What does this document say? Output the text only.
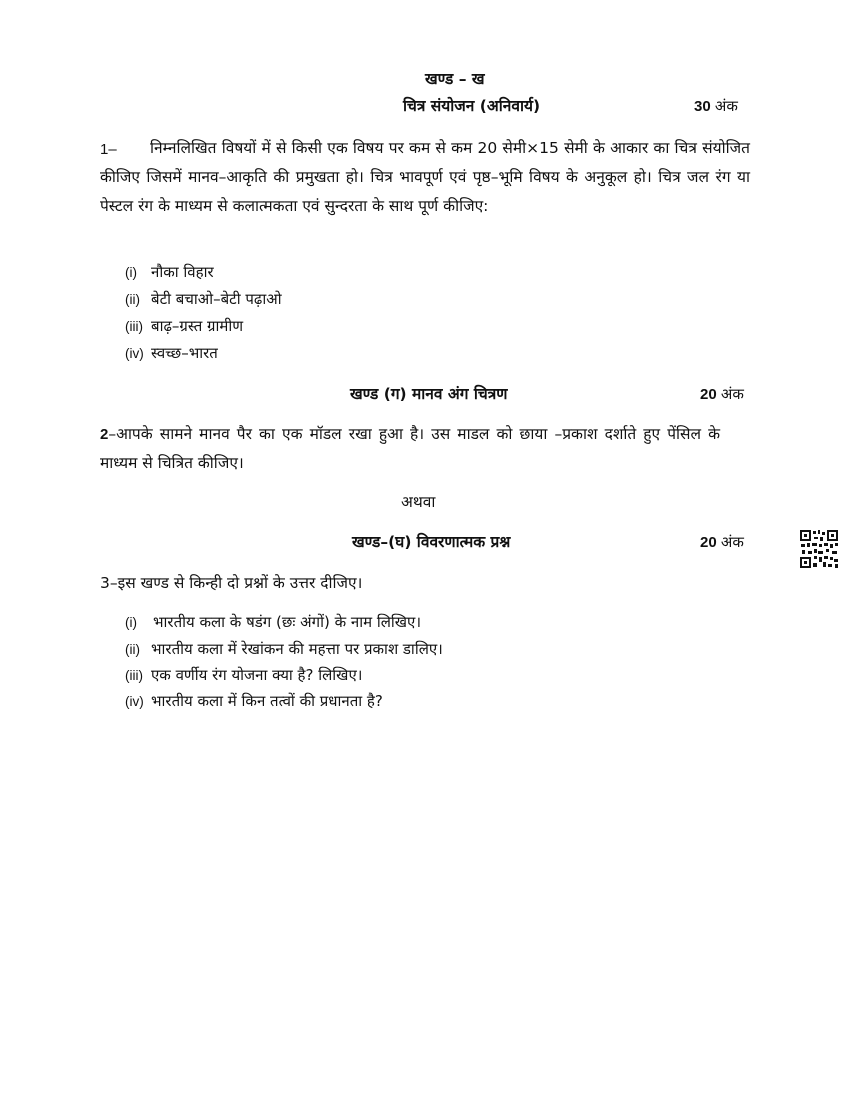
खण्ड – ख
चित्र संयोजन (अनिवार्य)	30 अंक
1–	निम्नलिखित विषयों में से किसी एक विषय पर कम से कम 20 सेमी×15 सेमी के आकार का चित्र संयोजित कीजिए जिसमें मानव–आकृति की प्रमुखता हो। चित्र भावपूर्ण एवं पृष्ठ–भूमि विषय के अनुकूल हो। चित्र जल रंग या पेस्टल रंग के माध्यम से कलात्मकता एवं सुन्दरता के साथ पूर्ण कीजिए:
(i) नौका विहार
(ii) बेटी बचाओ–बेटी पढ़ाओ
(iii) बाढ़–ग्रस्त ग्रामीण
(iv) स्वच्छ–भारत
खण्ड (ग) मानव अंग चित्रण	20 अंक
2–आपके सामने मानव पैर का एक मॉडल रखा हुआ है। उस माडल को छाया –प्रकाश दर्शाते हुए पेंसिल के माध्यम से चित्रित कीजिए।
अथवा
खण्ड–(घ) विवरणात्मक प्रश्न	20 अंक
3–इस खण्ड से किन्ही दो प्रश्नों के उत्तर दीजिए।
(i) भारतीय कला के षडंग (छः अंगों) के नाम लिखिए।
(ii) भारतीय कला में रेखांकन की महत्ता पर प्रकाश डालिए।
(iii) एक वर्णीय रंग योजना क्या है? लिखिए।
(iv) भारतीय कला में किन तत्वों की प्रधानता है?
